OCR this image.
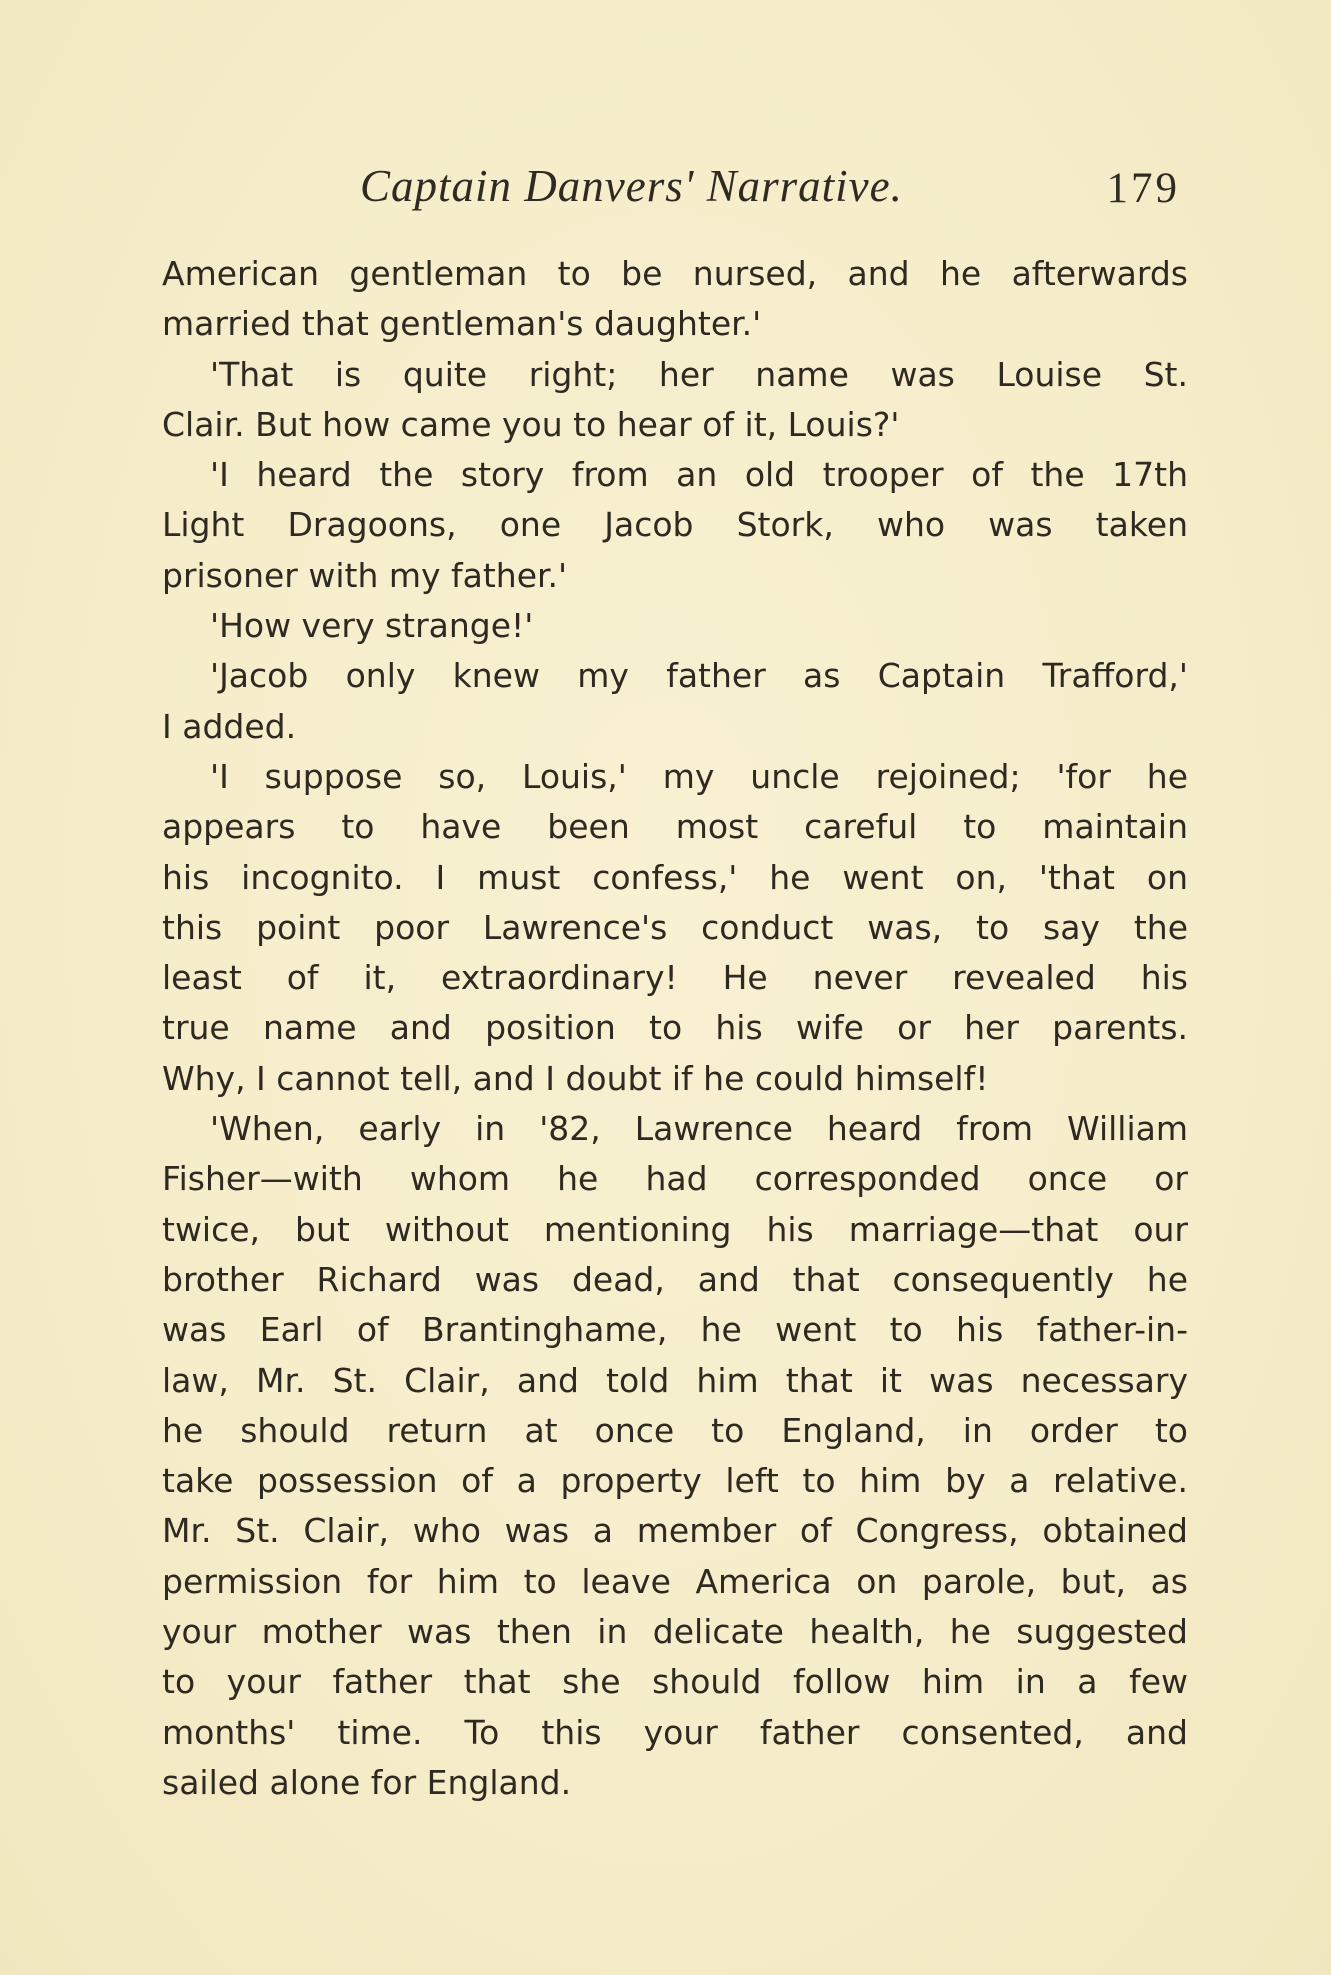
Captain Danvers' Narrative.	179
American gentleman to be nursed, and he afterwards
married that gentleman's daughter.'
'That is quite right; her name was Louise St.
Clair. But how came you to hear of it, Louis?'
'I heard the story from an old trooper of the 17th
Light Dragoons, one Jacob Stork, who was taken
prisoner with my father.'
'How very strange!'
'Jacob only knew my father as Captain Trafford,'
I added.
'I suppose so, Louis,' my uncle rejoined; 'for he
appears to have been most careful to maintain
his incognito. I must confess,' he went on, 'that on
this point poor Lawrence's conduct was, to say the
least of it, extraordinary! He never revealed his
true name and position to his wife or her parents.
Why, I cannot tell, and I doubt if he could himself!
'When, early in '82, Lawrence heard from William
Fisher—with whom he had corresponded once or
twice, but without mentioning his marriage—that our
brother Richard was dead, and that consequently he
was Earl of Brantinghame, he went to his father-in-
law, Mr. St. Clair, and told him that it was necessary
he should return at once to England, in order to
take possession of a property left to him by a relative.
Mr. St. Clair, who was a member of Congress, obtained
permission for him to leave America on parole, but, as
your mother was then in delicate health, he suggested
to your father that she should follow him in a few
months' time. To this your father consented, and
sailed alone for England.
